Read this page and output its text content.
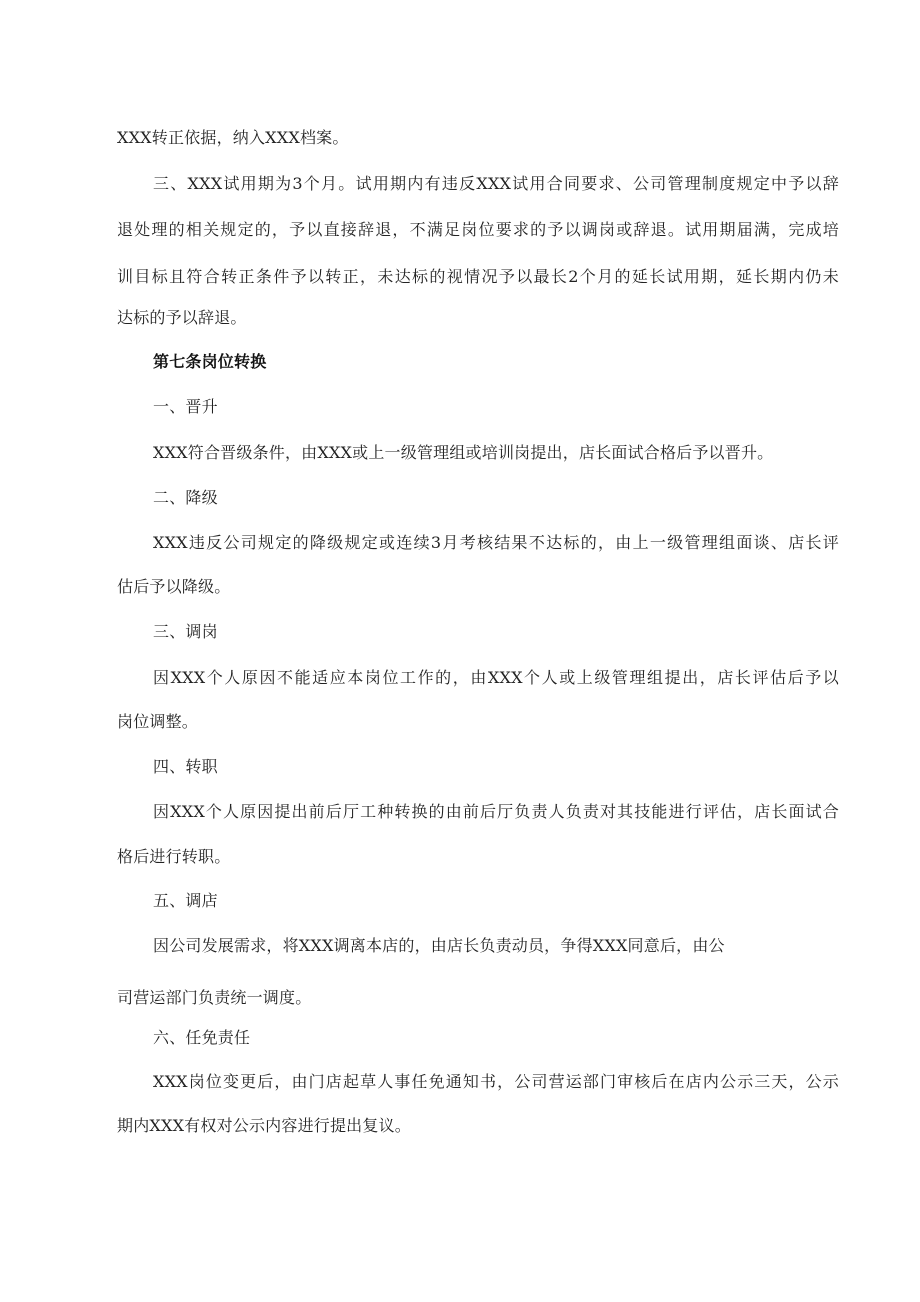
XXX转正依据，纳入XXX档案。
三、XXX试用期为3个月。试用期内有违反XXX试用合同要求、公司管理制度规定中予以辞
退处理的相关规定的，予以直接辞退，不满足岗位要求的予以调岗或辞退。试用期届满，完成培
训目标且符合转正条件予以转正，未达标的视情况予以最长2个月的延长试用期，延长期内仍未
达标的予以辞退。
第七条岗位转换
一、晋升
XXX符合晋级条件，由XXX或上一级管理组或培训岗提出，店长面试合格后予以晋升。
二、降级
XXX违反公司规定的降级规定或连续3月考核结果不达标的，由上一级管理组面谈、店长评
估后予以降级。
三、调岗
因XXX个人原因不能适应本岗位工作的，由XXX个人或上级管理组提出，店长评估后予以
岗位调整。
四、转职
因XXX个人原因提出前后厅工种转换的由前后厅负责人负责对其技能进行评估，店长面试合
格后进行转职。
五、调店
因公司发展需求，将XXX调离本店的，由店长负责动员，争得XXX同意后，由公
司营运部门负责统一调度。
六、任免责任
XXX岗位变更后，由门店起草人事任免通知书，公司营运部门审核后在店内公示三天，公示
期内XXX有权对公示内容进行提出复议。
